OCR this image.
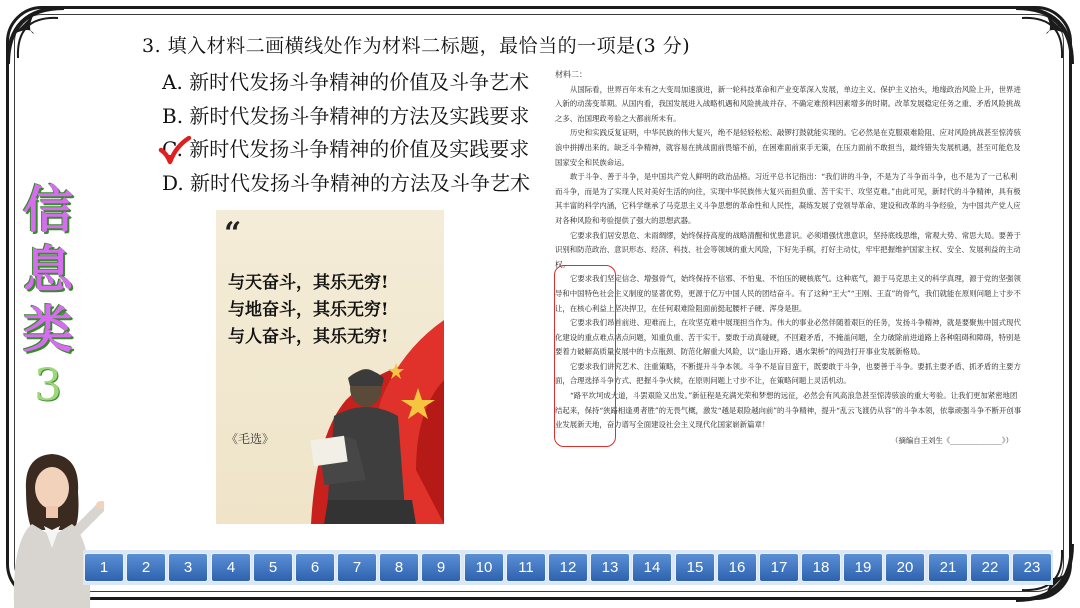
3. 填入材料二画横线处作为材料二标题，最恰当的一项是(3 分)
A. 新时代发扬斗争精神的价值及斗争艺术
B. 新时代发扬斗争精神的方法及实践要求
C. 新时代发扬斗争精神的价值及实践要求
D. 新时代发扬斗争精神的方法及斗争艺术
信
息
类
3
“
与天奋斗，其乐无穷!
与地奋斗，其乐无穷!
与人奋斗，其乐无穷!
《毛选》
材料二：

从国际看，世界百年未有之大变局加速演进，新一轮科技革命和产业变革深入发展，单边主义、保护主义抬头，地缘政治风险上升，世界进入新的动荡变革期。从国内看，我国发展进入战略机遇和风险挑战并存、不确定难预料因素增多的时期。改革发展稳定任务之重、矛盾风险挑战之多、治国理政考验之大都前所未有。

历史和实践反复证明，中华民族的伟大复兴，绝不是轻轻松松、敲锣打鼓就能实现的。它必然是在克服艰难险阻、应对风险挑战甚至惊涛骇浪中拼搏出来的。缺乏斗争精神，就容易在挑战面前畏缩不前，在困难面前束手无策，在压力面前不敢担当，最终错失发展机遇，甚至可能危及国家安全和民族命运。

敢于斗争、善于斗争，是中国共产党人鲜明的政治品格。习近平总书记指出：“我们讲的斗争，不是为了斗争而斗争，也不是为了一己私利而斗争，而是为了实现人民对美好生活的向往，实现中华民族伟大复兴而担负重、苦干实干、攻坚克难。”由此可见，新时代的斗争精神，具有极其丰富的科学内涵，它科学继承了马克思主义斗争思想的革命性和人民性，凝练发展了党领导革命、建设和改革的斗争经验，为中国共产党人应对各种风险和考验提供了强大的思想武器。

它要求我们居安思危、未雨绸缪，始终保持高度的战略清醒和忧患意识。必须增强忧患意识，坚持底线思维，常观大势、常思大局。要善于识别和防范政治、意识形态、经济、科技、社会等领域的重大风险，下好先手棋，打好主动仗，牢牢把握维护国家主权、安全、发展利益的主动权。

它要求我们坚定信念、增强骨气，始终保持不信邪、不怕鬼、不怕压的硬核底气。这种底气，源于马克思主义的科学真理，源于党的坚强领导和中国特色社会主义制度的显著优势，更源于亿万中国人民的团结奋斗。有了这种“王大”“王刚、王直”的骨气，我们就能在原则问题上寸步不让，在核心利益上坚决捍卫，在任何艰难险阻面前挺起腰杆子硬、浑身是胆。

它要求我们昂首前进、迎难而上，在攻坚克难中展现担当作为。伟大的事业必然伴随着艰巨的任务，发扬斗争精神，就是要聚焦中国式现代化建设的重点难点堵点问题，知重负重、苦干实干。要敢于动真碰硬，不回避矛盾，不掩盖问题，全力破除前进道路上各种阻碍和障碍，特别是要着力破解高质量发展中的卡点瓶颈、防范化解重大风险，以“逢山开路、遇水架桥”的闯劲打开事业发展新格局。

它要求我们讲究艺术、注重策略，不断提升斗争本领。斗争不是盲目蛮干，既要敢于斗争，也要善于斗争。要抓主要矛盾、抓矛盾的主要方面，合理选择斗争方式、把握斗争火候，在原则问题上寸步不让，在策略问题上灵活机动。

“路平坎坷成大道，斗罢艰险又出发。”新征程是充满光荣和梦想的远征，必然会有风高浪急甚至惊涛骇浪的重大考验。让我们更加紧密地团结起来，保持“狭路相逢勇者胜”的无畏气概，激发“越是艰险越向前”的斗争精神，提升“乱云飞渡仍从容”的斗争本领，依靠顽强斗争不断开创事业发展新天地，奋力谱写全面建设社会主义现代化国家崭新篇章！

（摘编自王刘生《______________》）
1	2	3	4	5	6	7	8	9	10	11	12	13	14	15	16	17	18	19	20	21	22	23
